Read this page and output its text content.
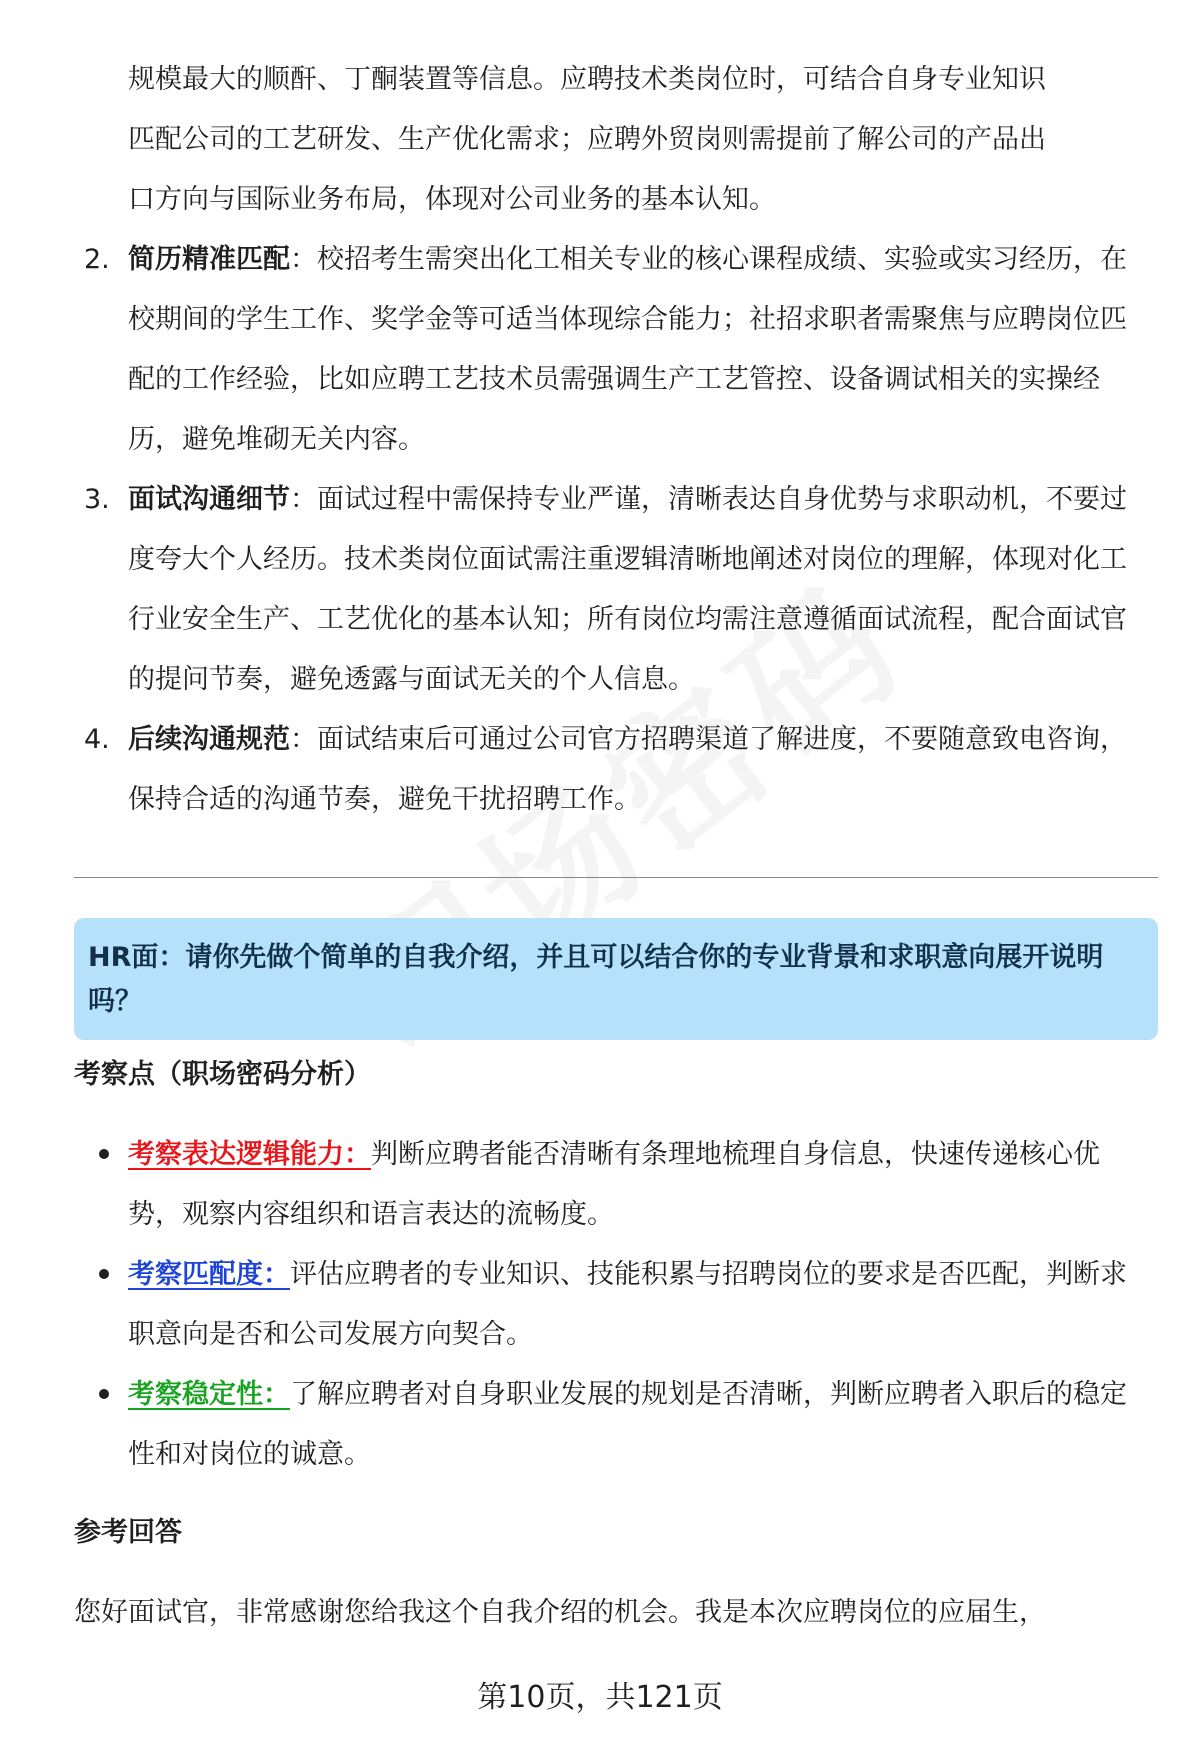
规模最大的顺酐、丁酮装置等信息。应聘技术类岗位时，可结合自身专业知识

匹配公司的工艺研发、生产优化需求；应聘外贸岗则需提前了解公司的产品出

口方向与国际业务布局，体现对公司业务的基本认知。

2. 简历精准匹配：校招考生需突出化工相关专业的核心课程成绩、实验或实习经历，在校期间的学生工作、奖学金等可适当体现综合能力；社招求职者需聚焦与应聘岗位匹配的工作经验，比如应聘工艺技术员需强调生产工艺管控、设备调试相关的实操经历，避免堆砌无关内容。
3. 面试沟通细节：面试过程中需保持专业严谨，清晰表达自身优势与求职动机，不要过度夸大个人经历。技术类岗位面试需注重逻辑清晰地阐述对岗位的理解，体现对化工行业安全生产、工艺优化的基本认知；所有岗位均需注意遵循面试流程，配合面试官的提问节奏，避免透露与面试无关的个人信息。
4. 后续沟通规范：面试结束后可通过公司官方招聘渠道了解进度，不要随意致电咨询，保持合适的沟通节奏，避免干扰招聘工作。

HR面：请你先做个简单的自我介绍，并且可以结合你的专业背景和求职意向展开说明吗？

考察点（职场密码分析）

考察表达逻辑能力：判断应聘者能否清晰有条理地梳理自身信息，快速传递核心优势，观察内容组织和语言表达的流畅度。
考察匹配度：评估应聘者的专业知识、技能积累与招聘岗位的要求是否匹配，判断求职意向是否和公司发展方向契合。
考察稳定性：了解应聘者对自身职业发展的规划是否清晰，判断应聘者入职后的稳定性和对岗位的诚意。

参考回答

您好面试官，非常感谢您给我这个自我介绍的机会。我是本次应聘岗位的应届生，

第10页，共121页
